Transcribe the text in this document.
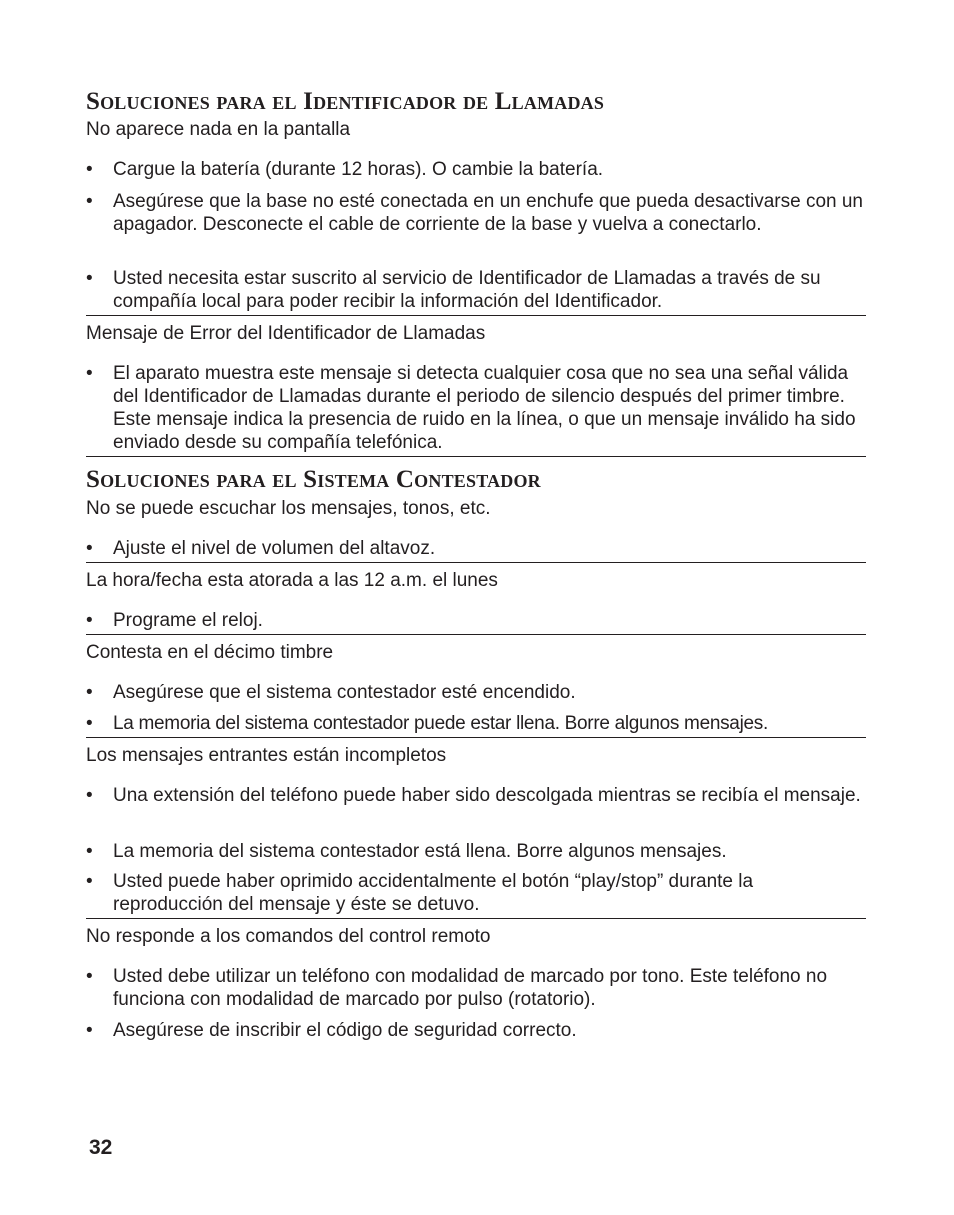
Soluciones para el Identificador de Llamadas
No aparece nada en la pantalla
•	Cargue la batería (durante 12 horas). O cambie la batería.
•	Asegúrese que la base no esté conectada en un enchufe que pueda desactivarse con un apagador. Desconecte el cable de corriente de la base y vuelva a conectarlo.
•	Usted necesita estar suscrito al servicio de Identificador de Llamadas a través de su compañía local para poder recibir la información del Identificador.
Mensaje de Error del Identificador de Llamadas
•	El aparato muestra este mensaje si detecta cualquier cosa que no sea una señal válida del Identificador de Llamadas durante el periodo de silencio después del primer timbre. Este mensaje indica la presencia de ruido en la línea, o que un mensaje inválido ha sido enviado desde su compañía telefónica.
Soluciones para el Sistema Contestador
No se puede escuchar los mensajes, tonos, etc.
•	Ajuste el nivel de volumen del altavoz.
La hora/fecha esta atorada a las 12 a.m. el lunes
•	Programe el reloj.
Contesta en el décimo timbre
•	Asegúrese que el sistema contestador esté encendido.
•	La memoria del sistema contestador puede estar llena. Borre algunos mensajes.
Los mensajes entrantes están incompletos
•	Una extensión del teléfono puede haber sido descolgada mientras se recibía el mensaje.
•	La memoria del sistema contestador está llena. Borre algunos mensajes.
•	Usted puede haber oprimido accidentalmente el botón “play/stop” durante la reproducción del mensaje y éste se detuvo.
No responde a los comandos del control remoto
•	Usted debe utilizar un teléfono con modalidad de marcado por tono. Este teléfono no funciona con modalidad de marcado por pulso (rotatorio).
•	Asegúrese de inscribir el código de seguridad correcto.
32
